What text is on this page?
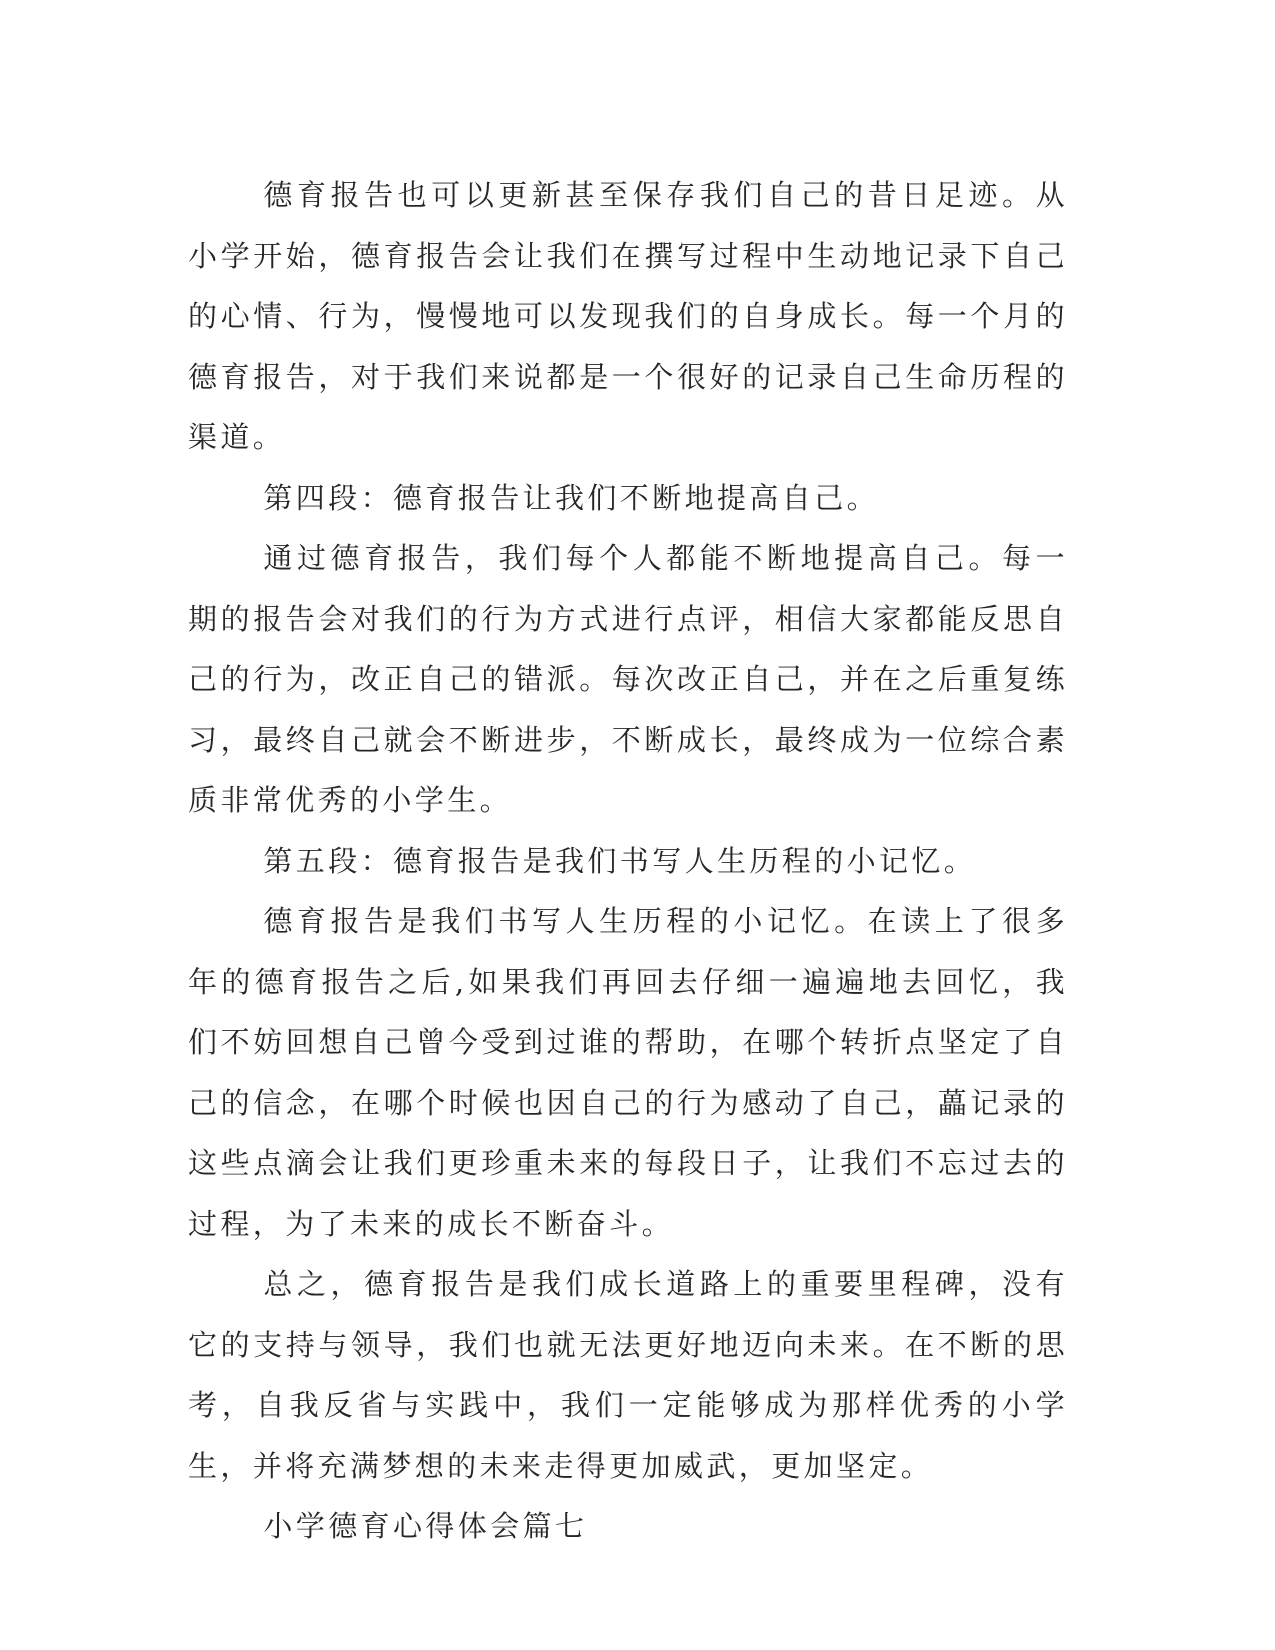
德育报告也可以更新甚至保存我们自己的昔日足迹。从小学开始，德育报告会让我们在撰写过程中生动地记录下自己的心情、行为，慢慢地可以发现我们的自身成长。每一个月的德育报告，对于我们来说都是一个很好的记录自己生命历程的渠道。

第四段：德育报告让我们不断地提高自己。

通过德育报告，我们每个人都能不断地提高自己。每一期的报告会对我们的行为方式进行点评，相信大家都能反思自己的行为，改正自己的错派。每次改正自己，并在之后重复练习，最终自己就会不断进步，不断成长，最终成为一位综合素质非常优秀的小学生。

第五段：德育报告是我们书写人生历程的小记忆。

德育报告是我们书写人生历程的小记忆。在读上了很多年的德育报告之后,如果我们再回去仔细一遍遍地去回忆，我们不妨回想自己曾今受到过谁的帮助，在哪个转折点坚定了自己的信念，在哪个时候也因自己的行为感动了自己，藟记录的这些点滴会让我们更珍重未来的每段日子，让我们不忘过去的过程，为了未来的成长不断奋斗。

总之，德育报告是我们成长道路上的重要里程碑，没有它的支持与领导，我们也就无法更好地迈向未来。在不断的思考，自我反省与实践中，我们一定能够成为那样优秀的小学生，并将充满梦想的未来走得更加威武，更加坚定。

小学德育心得体会篇七
